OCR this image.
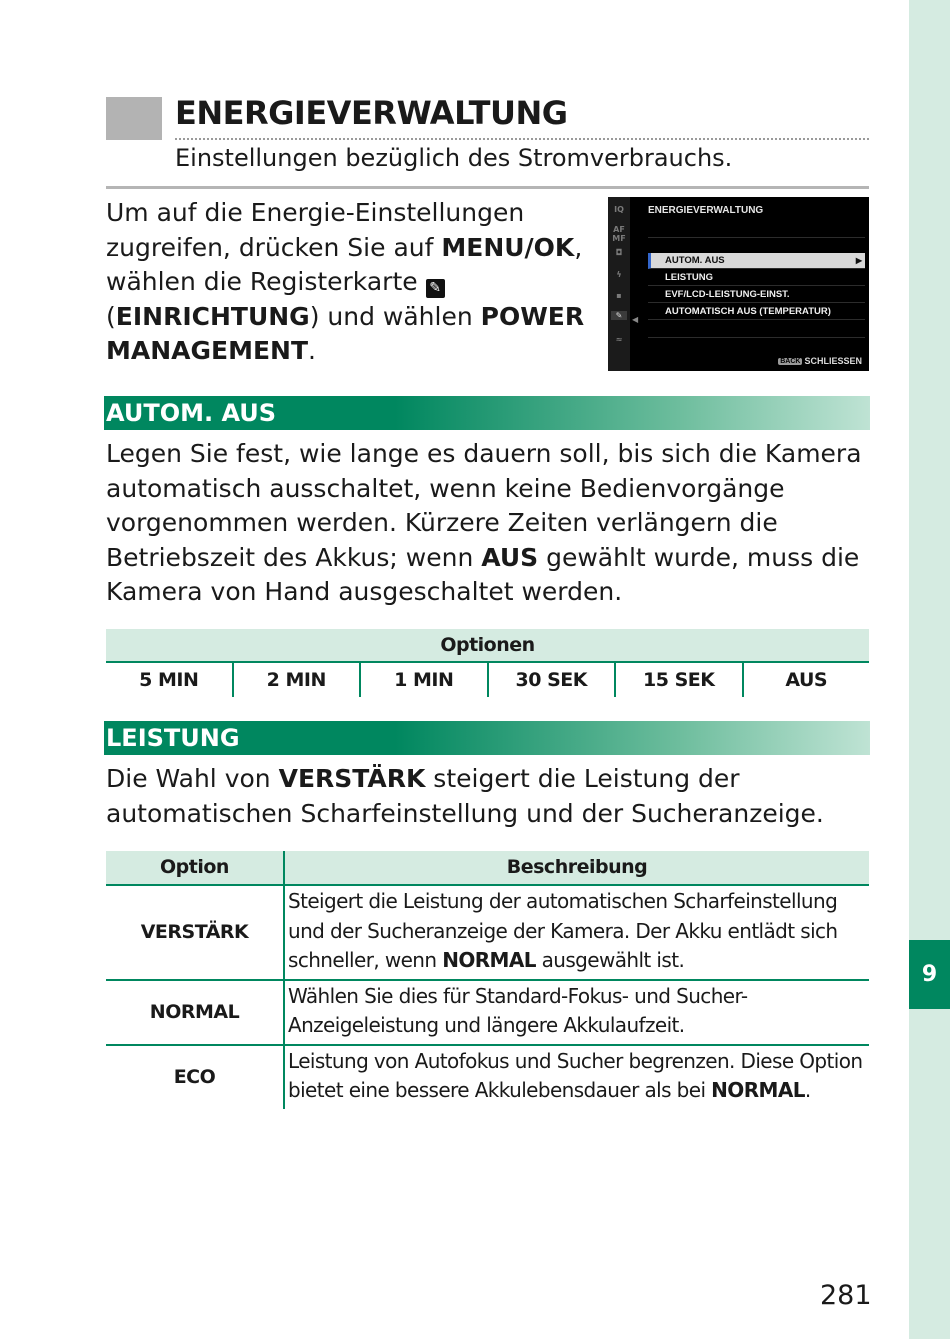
9
ENERGIEVERWALTUNG
Einstellungen bezüglich des Stromverbrauchs.
Um auf die Energie-Einstellungen zugreifen, drücken Sie auf MENU/OK, wählen die Registerkarte ✎ (EINRICHTUNG) und wählen POWER MANAGEMENT.
IQ
AF MF
◘
ϟ
▪
✎
≈
◀
ENERGIEVERWALTUNG
AUTOM. AUS	▶
LEISTUNG
EVF/LCD-LEISTUNG-EINST.
AUTOMATISCH AUS (TEMPERATUR)
BACK SCHLIESSEN
AUTOM. AUS
Legen Sie fest, wie lange es dauern soll, bis sich die Kamera automatisch ausschaltet, wenn keine Bedienvorgänge vorgenommen werden. Kürzere Zeiten verlängern die Betriebszeit des Akkus; wenn AUS gewählt wurde, muss die Kamera von Hand ausgeschaltet werden.
Optionen
5 MIN	2 MIN	1 MIN	30 SEK	15 SEK	AUS
LEISTUNG
Die Wahl von VERSTÄRK steigert die Leistung der automatischen Scharfeinstellung und der Sucheranzeige.
Option	Beschreibung
VERSTÄRK
Steigert die Leistung der automatischen Scharfeinstellung und der Sucheranzeige der Kamera. Der Akku entlädt sich schneller, wenn NORMAL ausgewählt ist.
NORMAL
Wählen Sie dies für Standard-Fokus- und Sucher-Anzeigeleistung und längere Akkulaufzeit.
ECO
Leistung von Autofokus und Sucher begrenzen. Diese Option bietet eine bessere Akkulebensdauer als bei NORMAL.
281
